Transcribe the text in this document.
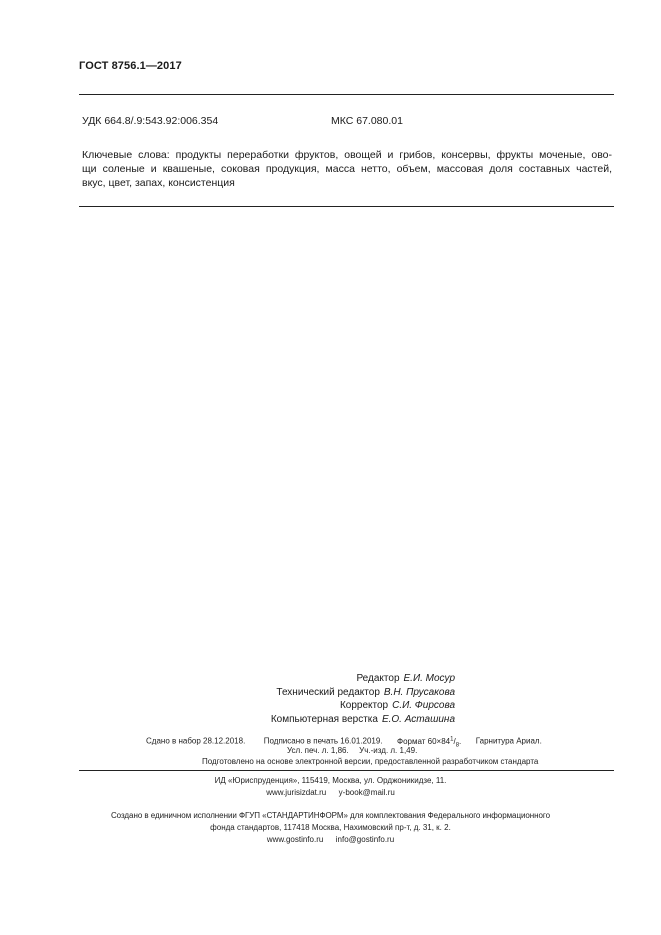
ГОСТ 8756.1—2017
УДК 664.8/.9:543.92:006.354	МКС 67.080.01
Ключевые слова: продукты переработки фруктов, овощей и грибов, консервы, фрукты моченые, ово-
щи соленые и квашеные, соковая продукция, масса нетто, объем, массовая доля составных частей,
вкус, цвет, запах, консистенция
Редактор Е.И. Мосур
Технический редактор В.Н. Прусакова
Корректор С.И. Фирсова
Компьютерная верстка Е.О. Асташина
Сдано в набор 28.12.2018. Подписано в печать 16.01.2019. Формат $60\times 84^1/_8$. Гарнитура Ариал.
Усл. печ. л. 1,86. Уч.-изд. л. 1,49.
Подготовлено на основе электронной версии, предоставленной разработчиком стандарта
ИД «Юриспруденция», 115419, Москва, ул. Орджоникидзе, 11.
www.jurisizdat.ru y-book@mail.ru
Создано в единичном исполнении ФГУП «СТАНДАРТИНФОРМ» для комплектования Федерального информационного
фонда стандартов, 117418 Москва, Нахимовский пр-т, д. 31, к. 2.
www.gostinfo.ru info@gostinfo.ru
